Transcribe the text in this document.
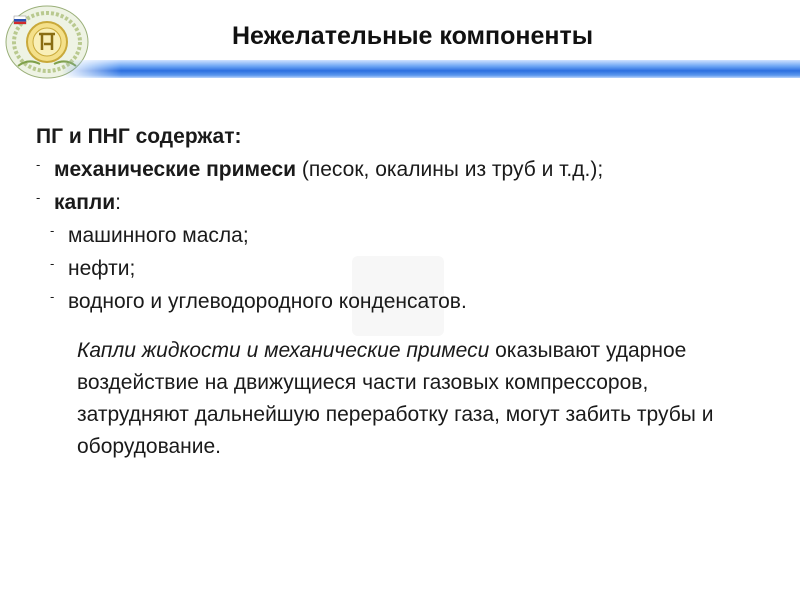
Нежелательные компоненты
ПГ и ПНГ содержат:
- механические примеси (песок, окалины из труб и т.д.);
- капли:
- машинного масла;
- нефти;
- водного и углеводородного конденсатов.
Капли жидкости и механические примеси оказывают ударное воздействие на движущиеся части газовых компрессоров, затрудняют дальнейшую переработку газа, могут забить трубы и оборудование.
